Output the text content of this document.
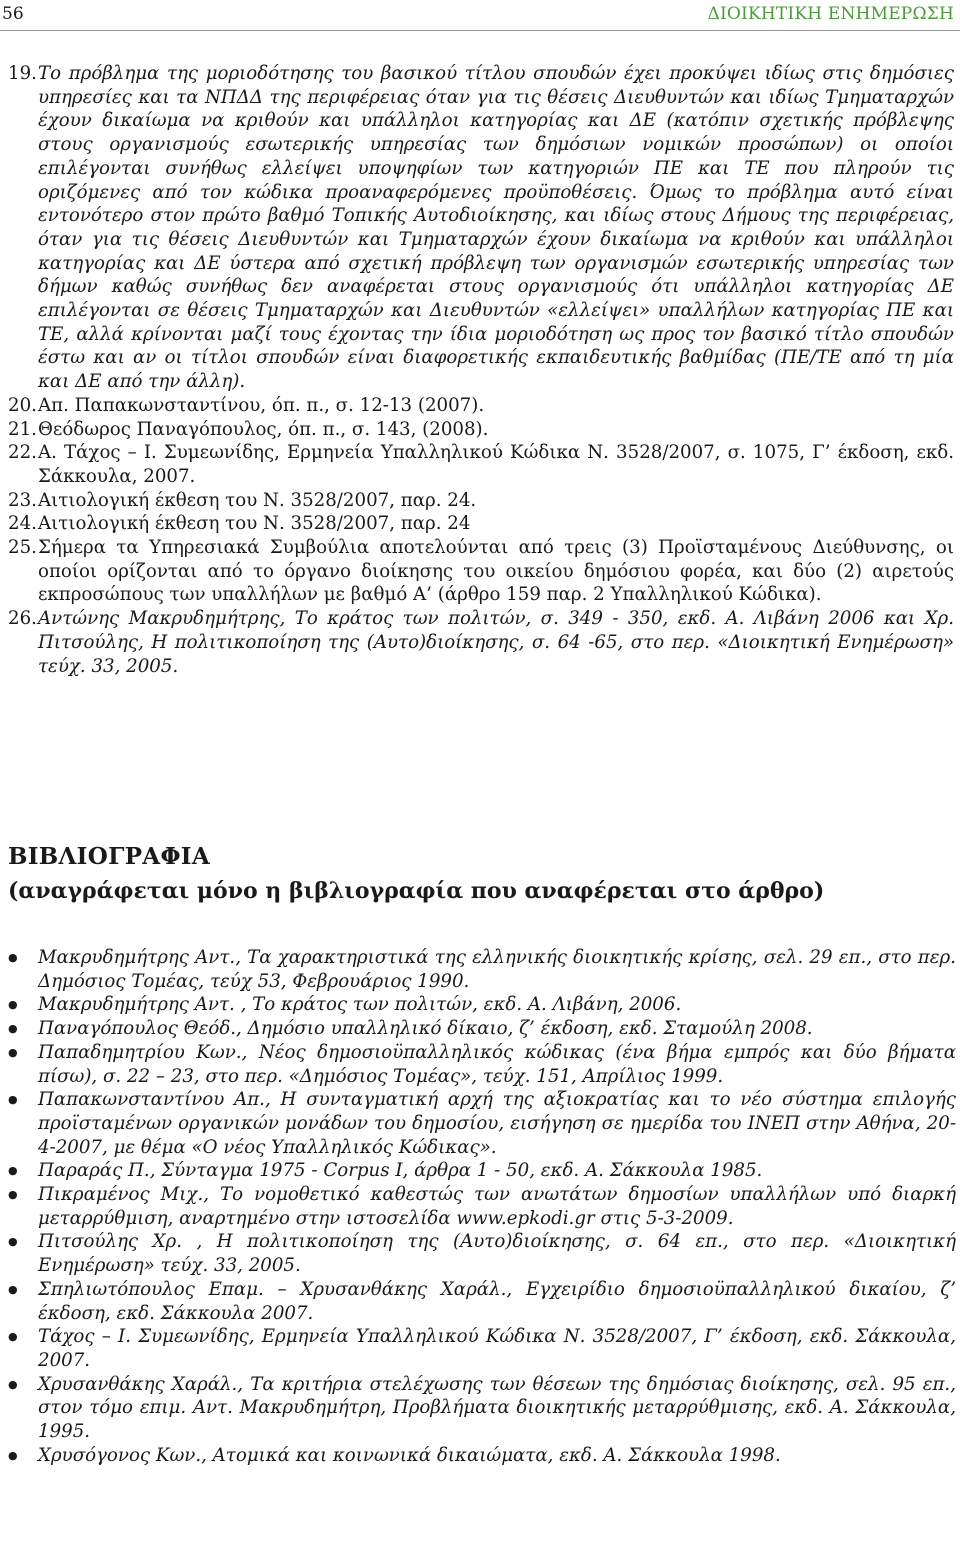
56	ΔΙΟΙΚΗΤΙΚΗ ΕΝΗΜΕΡΩΣΗ
19. Το πρόβλημα της μοριοδότησης του βασικού τίτλου σπουδών έχει προκύψει ιδίως στις δημόσιες υπηρεσίες και τα ΝΠΔΔ της περιφέρειας όταν για τις θέσεις Διευθυντών και ιδίως Τμηματαρχών έχουν δικαίωμα να κριθούν και υπάλληλοι κατηγορίας και ΔΕ (κατόπιν σχετικής πρόβλεψης στους οργανισμούς εσωτερικής υπηρεσίας των δημόσιων νομικών προσώπων) οι οποίοι επιλέγονται συνήθως ελλείψει υποψηφίων των κατηγοριών ΠΕ και ΤΕ που πληρούν τις οριζόμενες από τον κώδικα προαναφερόμενες προϋποθέσεις. Όμως το πρόβλημα αυτό είναι εντονότερο στον πρώτο βαθμό Τοπικής Αυτοδιοίκησης, και ιδίως στους Δήμους της περιφέρειας, όταν για τις θέσεις Διευθυντών και Τμηματαρχών έχουν δικαίωμα να κριθούν και υπάλληλοι κατηγορίας και ΔΕ ύστερα από σχετική πρόβλεψη των οργανισμών εσωτερικής υπηρεσίας των δήμων καθώς συνήθως δεν αναφέρεται στους οργανισμούς ότι υπάλληλοι κατηγορίας ΔΕ επιλέγονται σε θέσεις Τμηματαρχών και Διευθυντών «ελλείψει» υπαλλήλων κατηγορίας ΠΕ και ΤΕ, αλλά κρίνονται μαζί τους έχοντας την ίδια μοριοδότηση ως προς τον βασικό τίτλο σπουδών έστω και αν οι τίτλοι σπουδών είναι διαφορετικής εκπαιδευτικής βαθμίδας (ΠΕ/ΤΕ από τη μία και ΔΕ από την άλλη).
20. Απ. Παπακωνσταντίνου, όπ. π., σ. 12-13 (2007).
21. Θεόδωρος Παναγόπουλος, όπ. π., σ. 143, (2008).
22. Α. Τάχος – Ι. Συμεωνίδης, Ερμηνεία Υπαλληλικού Κώδικα Ν. 3528/2007, σ. 1075, Γ’ έκδοση, εκδ. Σάκκουλα, 2007.
23. Αιτιολογική έκθεση του Ν. 3528/2007, παρ. 24.
24. Αιτιολογική έκθεση του Ν. 3528/2007, παρ. 24
25. Σήμερα τα Υπηρεσιακά Συμβούλια αποτελούνται από τρεις (3) Προϊσταμένους Διεύθυνσης, οι οποίοι ορίζονται από το όργανο διοίκησης του οικείου δημόσιου φορέα, και δύο (2) αιρετούς εκπροσώπους των υπαλλήλων με βαθμό Α’ (άρθρο 159 παρ. 2 Υπαλληλικού Κώδικα).
26. Αντώνης Μακρυδημήτρης, Το κράτος των πολιτών, σ. 349 - 350, εκδ. Α. Λιβάνη 2006 και Χρ. Πιτσούλης, Η πολιτικοποίηση της (Αυτο)διοίκησης, σ. 64 -65, στο περ. «Διοικητική Ενημέρωση» τεύχ. 33, 2005.
ΒΙΒΛΙΟΓΡΑΦΙΑ
(αναγράφεται μόνο η βιβλιογραφία που αναφέρεται στο άρθρο)
●	Μακρυδημήτρης Αντ., Τα χαρακτηριστικά της ελληνικής διοικητικής κρίσης, σελ. 29 επ., στο περ. Δημόσιος Τομέας, τεύχ 53, Φεβρουάριος 1990.
●	Μακρυδημήτρης Αντ. , Το κράτος των πολιτών, εκδ. Α. Λιβάνη, 2006.
●	Παναγόπουλος Θεόδ., Δημόσιο υπαλληλικό δίκαιο, ζ’ έκδοση, εκδ. Σταμούλη 2008.
●	Παπαδημητρίου Κων., Νέος δημοσιοϋπαλληλικός κώδικας (ένα βήμα εμπρός και δύο βήματα πίσω), σ. 22 – 23, στο περ. «Δημόσιος Τομέας», τεύχ. 151, Απρίλιος 1999.
●	Παπακωνσταντίνου Απ., Η συνταγματική αρχή της αξιοκρατίας και το νέο σύστημα επιλογής προϊσταμένων οργανικών μονάδων του δημοσίου, εισήγηση σε ημερίδα του ΙΝΕΠ στην Αθήνα, 20-4-2007, με θέμα «Ο νέος Υπαλληλικός Κώδικας».
●	Παραράς Π., Σύνταγμα 1975 - Corpus I, άρθρα 1 - 50, εκδ. Α. Σάκκουλα 1985.
●	Πικραμένος Μιχ., Το νομοθετικό καθεστώς των ανωτάτων δημοσίων υπαλλήλων υπό διαρκή μεταρρύθμιση, αναρτημένο στην ιστοσελίδα www.epkodi.gr στις 5-3-2009.
●	Πιτσούλης Χρ. , Η πολιτικοποίηση της (Αυτο)διοίκησης, σ. 64 επ., στο περ. «Διοικητική Ενημέρωση» τεύχ. 33, 2005.
●	Σπηλιωτόπουλος Επαμ. – Χρυσανθάκης Χαράλ., Εγχειρίδιο δημοσιοϋπαλληλικού δικαίου, ζ’ έκδοση, εκδ. Σάκκουλα 2007.
●	Τάχος – Ι. Συμεωνίδης, Ερμηνεία Υπαλληλικού Κώδικα Ν. 3528/2007, Γ’ έκδοση, εκδ. Σάκκουλα, 2007.
●	Χρυσανθάκης Χαράλ., Τα κριτήρια στελέχωσης των θέσεων της δημόσιας διοίκησης, σελ. 95 επ., στον τόμο επιμ. Αντ. Μακρυδημήτρη, Προβλήματα διοικητικής μεταρρύθμισης, εκδ. Α. Σάκκουλα, 1995.
●	Χρυσόγονος Κων., Ατομικά και κοινωνικά δικαιώματα, εκδ. Α. Σάκκουλα 1998.
